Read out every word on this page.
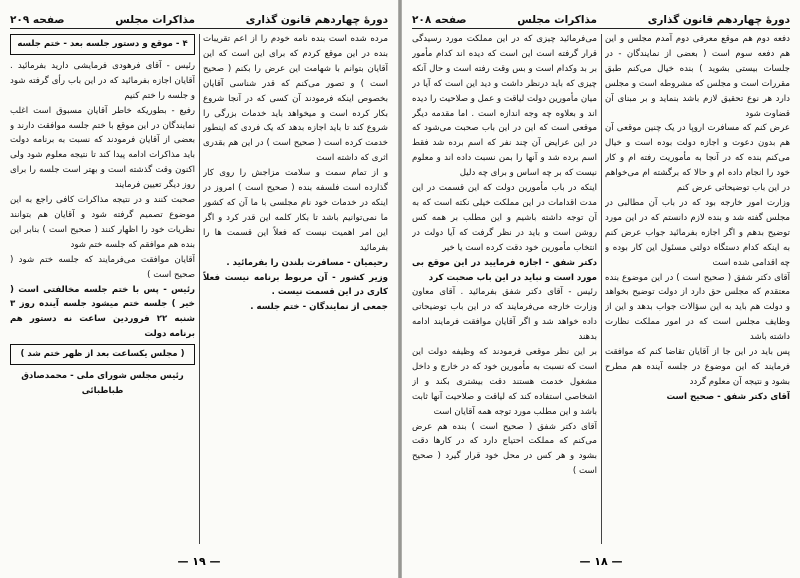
دورهٔ چهاردهم قانون گذاری
مذاکرات مجلس
صفحه ۲۰۸

دفعه دوم هم موقع معرفی دوم آمدم مجلس و این هم دفعه سوم است ( بعضی از نمایندگان - در جلسات بیستی بشوید ) بنده خیال می‌کنم طبق مقررات است و مجلس که مشروطه است و مجلس دارد هر نوع تحقیق لازم باشد بنماید و بر مبنای آن قضاوت شود

عرض کنم که مسافرت اروپا در یک چنین موقعی آن هم بدون دعوت و اجازه دولت بوده است و خیال می‌کنم بنده که در آنجا به مأموریت رفته ام و کار خود را انجام داده ام و حالا که برگشته ام می‌خواهم در این باب توضیحاتی عرض کنم

وزارت امور خارجه بود که در باب آن مطالبی در مجلس گفته شد و بنده لازم دانستم که در این مورد توضیح بدهم و اگر اجازه بفرمائید جواب عرض کنم به اینکه کدام دستگاه دولتی مسئول این کار بوده و چه اقدامی شده است

آقای دکتر شفق ( صحیح است ) در این موضوع بنده معتقدم که مجلس حق دارد از دولت توضیح بخواهد و دولت هم باید به این سؤالات جواب بدهد و این از وظایف مجلس است که در امور مملکت نظارت داشته باشد

پس باید در این جا از آقایان تقاضا کنم که موافقت فرمایند که این موضوع در جلسه آینده هم مطرح بشود و نتیجه آن معلوم گردد

آقای دکتر شفق - صحیح است

می‌فرمائید چیزی که در این مملکت مورد رسیدگی قرار گرفته است این است که دیده اند کدام مأمور بر بد وکدام است و بس وقت رفته است و حال آنکه چیزی که باید درنظر داشت و دید این است که آیا در میان مأمورین دولت لیاقت و عمل و صلاحیت را دیده اند و بعلاوه چه وجه اندازه است . اما مقدمه دیگر موقعی است که این در این باب صحبت می‌شود که در این عرایض آن چند نفر که اسم برده شد فقط اسم برده شد و آنها را بمن نسبت داده اند و معلوم نیست که بر چه اساس و برای چه دلیل

اینکه در باب مأمورین دولت که این قسمت در این مدت اقدامات در این مملکت خیلی نکته است که به آن توجه داشته باشیم و این مطلب بر همه کس روشن است و باید در نظر گرفت که آیا دولت در انتخاب مأمورین خود دقت کرده است یا خیر

دکتر شفق - اجازه فرمایید در این موقع بی مورد است و نباید در این باب صحبت کرد

رئیس - آقای دکتر شفق بفرمائید . آقای معاون وزارت خارجه می‌فرمایند که در این باب توضیحاتی داده خواهد شد و اگر آقایان موافقت فرمایند ادامه بدهند

بر این نظر موقعی فرمودند که وظیفه دولت این است که نسبت به مأمورین خود که در خارج و داخل مشغول خدمت هستند دقت بیشتری بکند و از اشخاصی استفاده کند که لیاقت و صلاحیت آنها ثابت باشد و این مطلب مورد توجه همه آقایان است

آقای دکتر شفق ( صحیح است ) بنده هم عرض می‌کنم که مملکت احتیاج دارد که در کارها دقت بشود و هر کس در محل خود قرار گیرد ( صحیح است )

— ۱۸ —
دورهٔ چهاردهم قانون گذاری
مذاکرات مجلس
صفحه ۲۰۹

مرده شده است بنده نامه خودم را از اعم تقریبات بنده در این موقع کردم که برای این است که این آقایان بتوانم با شهامت این عرض را بکنم ( صحیح است ) و تصور می‌کنم که قدر شناسی آقایان بخصوص اینکه فرمودند آن کسی که در آنجا شروع بکار کرده است و میخواهد باید خدمات بزرگی را شروع کند تا باید اجازه بدهد که یک فردی که اینطور خدمت کرده است ( صحیح است ) در این هم بقدری اثری که داشته است

و از تمام سمت و سلامت مزاجش را روی کار گذارده است فلسفه بنده ( صحیح است ) امروز در اینکه در خدمات خود نام مجلسی با ما آن که کشور ما نمی‌توانیم باشد تا بکار کلمه این قدر کرد و اگر این امر اهمیت نیست که فعلاً این قسمت ها را بفرمائید

رحیمیان - مسافرت بلندن را بفرمائید .

وزیر کشور - آن مربوط برنامه نیست فعلاً کاری در این قسمت نیست .

جمعی از نمایندگان - ختم جلسه .

۴ - موقع و دستور جلسه بعد - ختم جلسه

رئیس - آقای فرهودی فرمایشی دارید بفرمائید . آقایان اجازه بفرمائید که در این باب رأی گرفته شود و جلسه را ختم کنیم

رفیع - بطوریکه خاطر آقایان مسبوق است اغلب نمایندگان در این موقع با ختم جلسه موافقت دارند و بعضی از آقایان فرمودند که نسبت به برنامه دولت باید مذاکرات ادامه پیدا کند تا نتیجه معلوم شود ولی اکنون وقت گذشته است و بهتر است جلسه را برای روز دیگر تعیین فرمایند

صحبت کنند و در نتیجه مذاکرات کافی راجع به این موضوع تصمیم گرفته شود و آقایان هم بتوانند نظریات خود را اظهار کنند ( صحیح است ) بنابر این بنده هم موافقم که جلسه ختم شود

آقایان موافقت می‌فرمایند که جلسه ختم شود ( صحیح است )

رئیس - پس با ختم جلسه مخالفتی است ( خیر ) جلسه ختم میشود جلسه آینده روز ۳ شنبه ۲۲ فروردین ساعت نه دستور هم برنامه دولت

( مجلس یکساعت بعد از ظهر ختم شد )

رئیس مجلس شورای ملی - محمدصادق طباطبائی

— ۱۹ —
